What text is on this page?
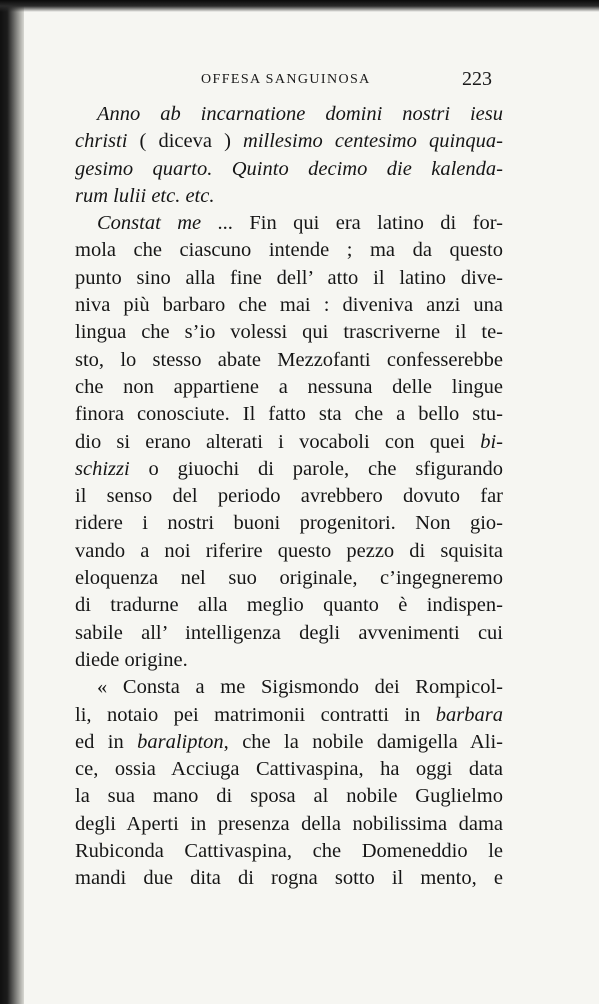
OFFESA SANGUINOSA	223
Anno ab incarnatione domini nostri iesu
christi ( diceva ) millesimo centesimo quinqua-
gesimo quarto. Quinto decimo die kalenda-
rum lulii etc. etc.
Constat me ... Fin qui era latino di for-
mola che ciascuno intende ; ma da questo
punto sino alla fine dell’ atto il latino dive-
niva più barbaro che mai : diveniva anzi una
lingua che s’io volessi qui trascriverne il te-
sto, lo stesso abate Mezzofanti confesserebbe
che non appartiene a nessuna delle lingue
finora conosciute. Il fatto sta che a bello stu-
dio si erano alterati i vocaboli con quei bi-
schizzi o giuochi di parole, che sfigurando
il senso del periodo avrebbero dovuto far
ridere i nostri buoni progenitori. Non gio-
vando a noi riferire questo pezzo di squisita
eloquenza nel suo originale, c’ingegneremo
di tradurne alla meglio quanto è indispen-
sabile all’ intelligenza degli avvenimenti cui
diede origine.
« Consta a me Sigismondo dei Rompicol-
li, notaio pei matrimonii contratti in barbara
ed in baralipton, che la nobile damigella Ali-
ce, ossia Acciuga Cattivaspina, ha oggi data
la sua mano di sposa al nobile Guglielmo
degli Aperti in presenza della nobilissima dama
Rubiconda Cattivaspina, che Domeneddio le
mandi due dita di rogna sotto il mento, e
